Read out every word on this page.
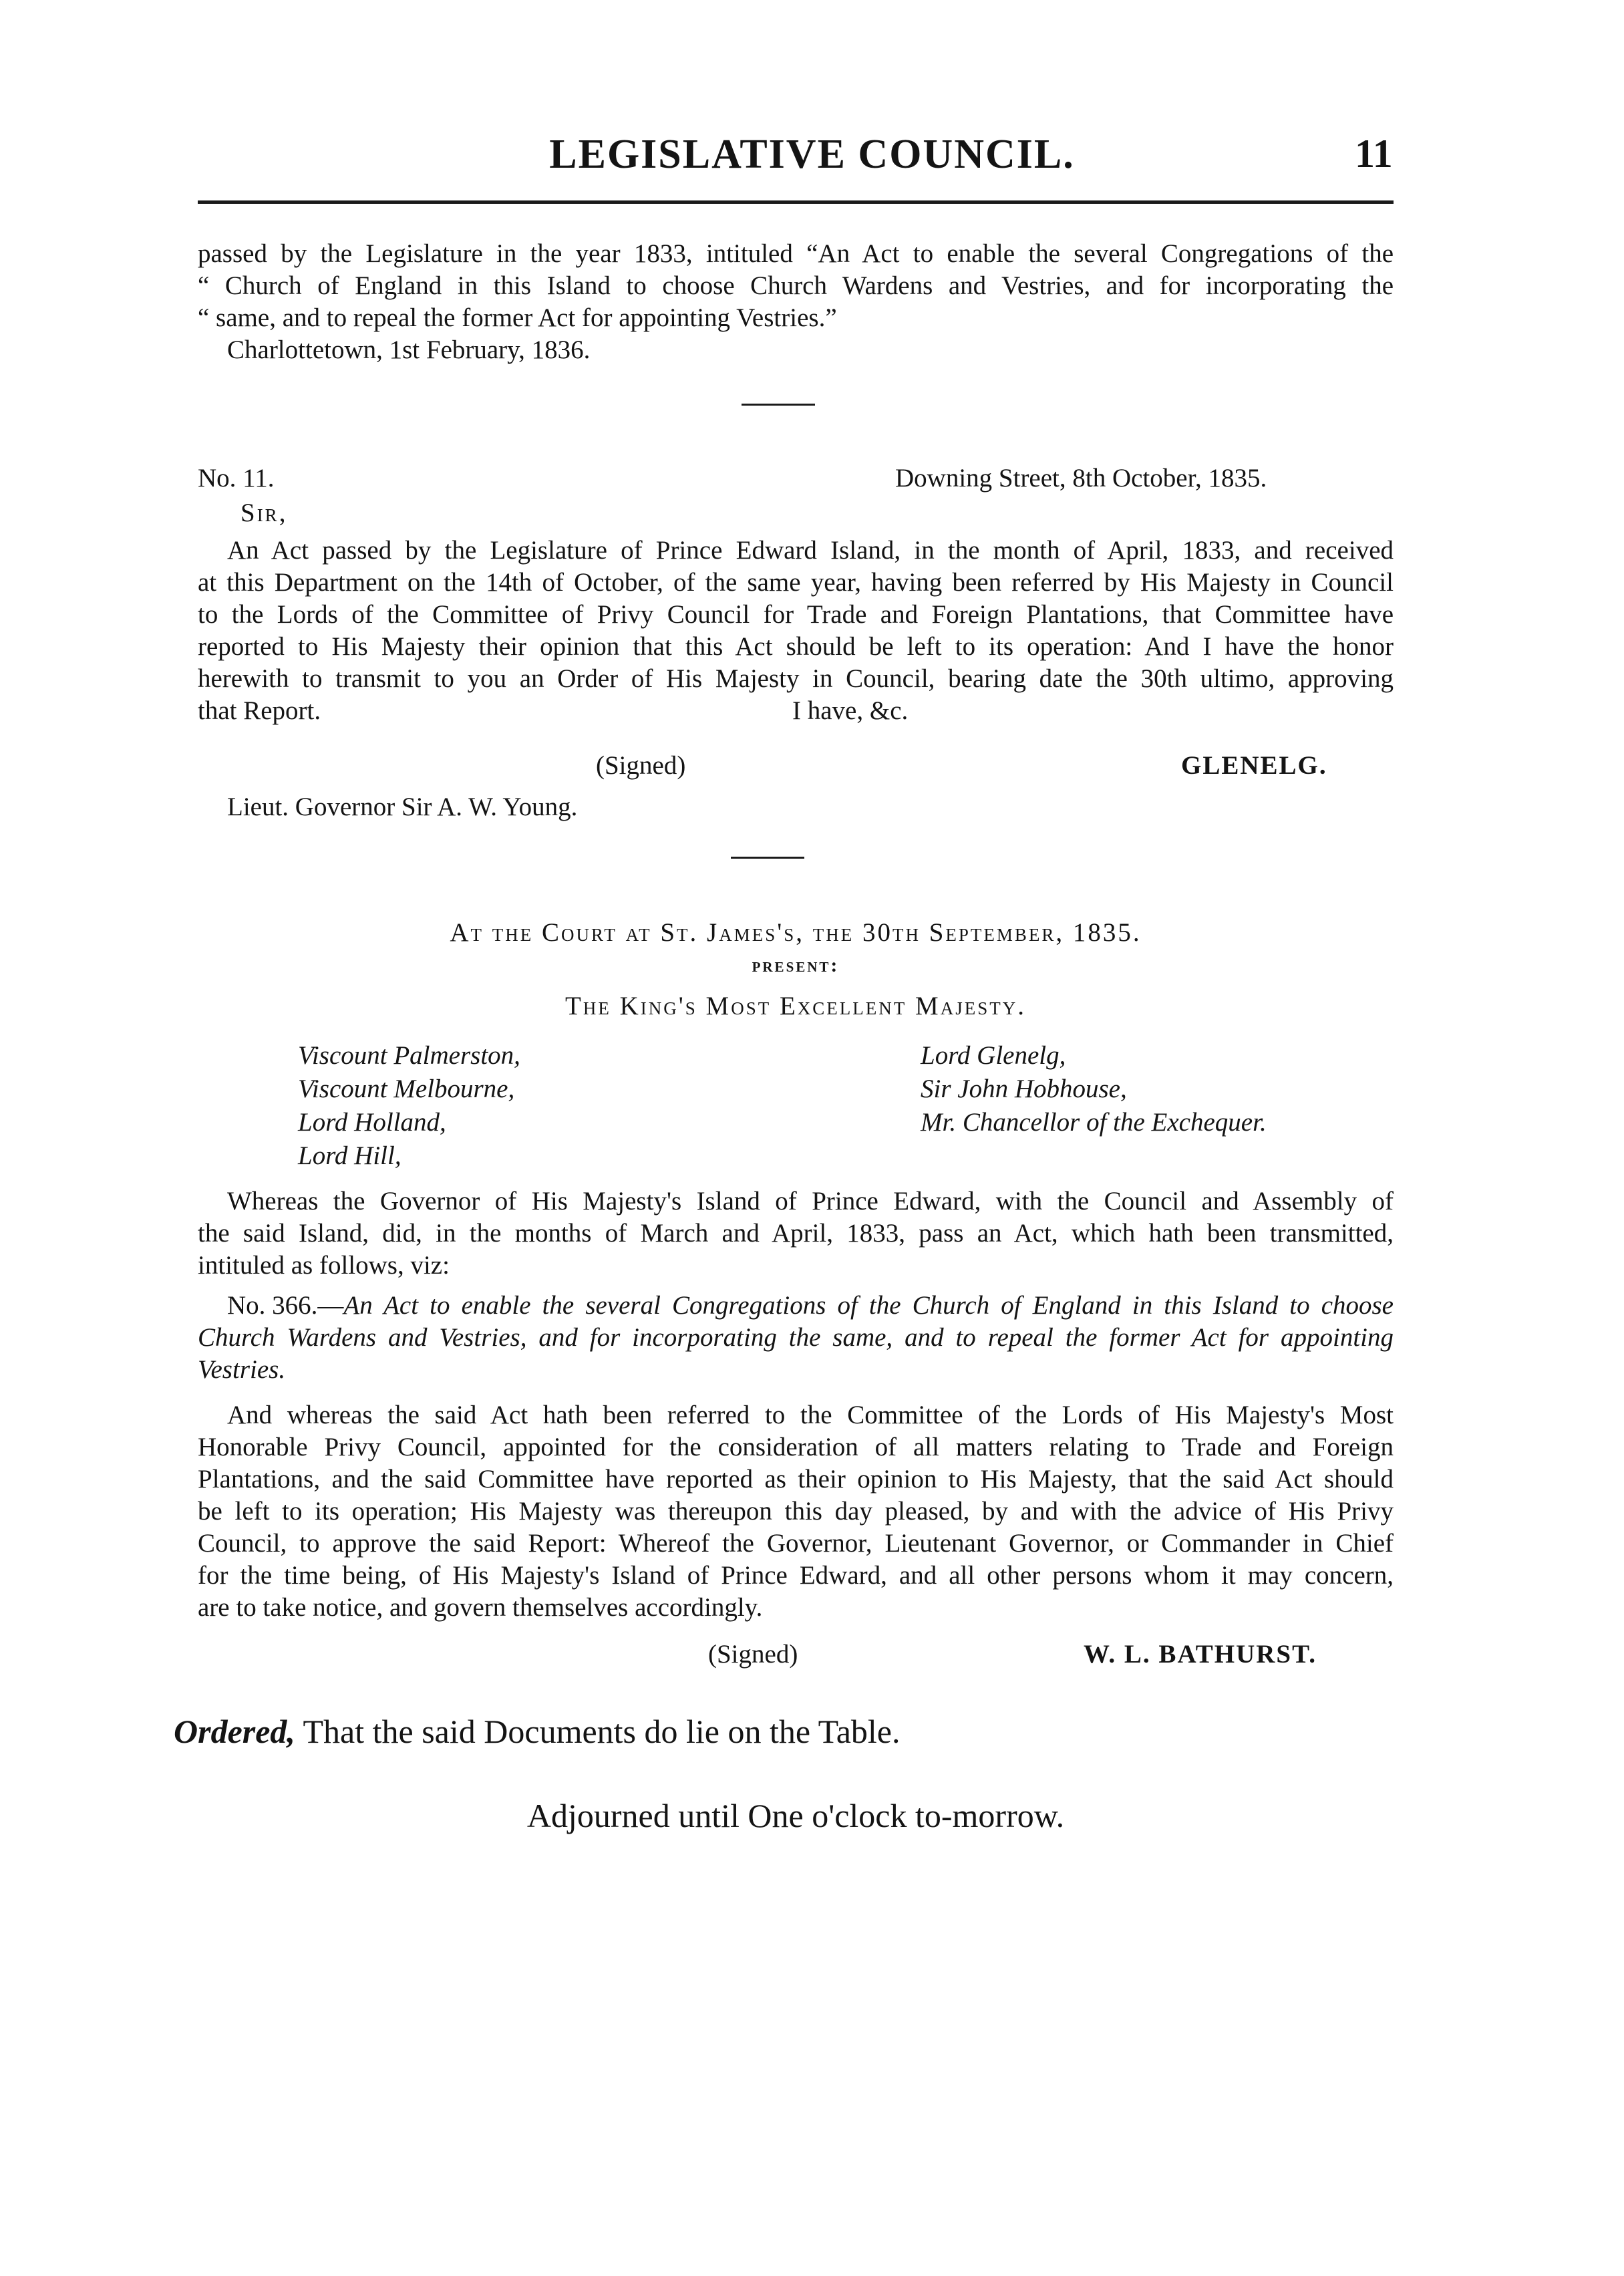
LEGISLATIVE COUNCIL.	11
passed by the Legislature in the year 1833, intituled “An Act to enable the several Congregations of the
“ Church of England in this Island to choose Church Wardens and Vestries, and for incorporating the
“ same, and to repeal the former Act for appointing Vestries.”
Charlottetown, 1st February, 1836.
No. 11.	Downing Street, 8th October, 1835.
Sir,
An Act passed by the Legislature of Prince Edward Island, in the month of April, 1833, and received
at this Department on the 14th of October, of the same year, having been referred by His Majesty in Council
to the Lords of the Committee of Privy Council for Trade and Foreign Plantations, that Committee have
reported to His Majesty their opinion that this Act should be left to its operation: And I have the honor
herewith to transmit to you an Order of His Majesty in Council, bearing date the 30th ultimo, approving
that Report.	I have, &c.
(Signed)	GLENELG.
Lieut. Governor Sir A. W. Young.
At the Court at St. James's, the 30th September, 1835.
present:
The King's Most Excellent Majesty.
Viscount Palmerston,
Viscount Melbourne,
Lord Holland,
Lord Hill,
Lord Glenelg,
Sir John Hobhouse,
Mr. Chancellor of the Exchequer.
Whereas the Governor of His Majesty's Island of Prince Edward, with the Council and Assembly of
the said Island, did, in the months of March and April, 1833, pass an Act, which hath been transmitted,
intituled as follows, viz:
No. 366.— An Act to enable the several Congregations of the Church of England in this Island to choose
Church Wardens and Vestries, and for incorporating the same, and to repeal the former Act for appointing
Vestries.
And whereas the said Act hath been referred to the Committee of the Lords of His Majesty's Most
Honorable Privy Council, appointed for the consideration of all matters relating to Trade and Foreign
Plantations, and the said Committee have reported as their opinion to His Majesty, that the said Act should
be left to its operation; His Majesty was thereupon this day pleased, by and with the advice of His Privy
Council, to approve the said Report: Whereof the Governor, Lieutenant Governor, or Commander in Chief
for the time being, of His Majesty's Island of Prince Edward, and all other persons whom it may concern,
are to take notice, and govern themselves accordingly.
(Signed)	W. L. BATHURST.
Ordered, That the said Documents do lie on the Table.
Adjourned until One o'clock to-morrow.
